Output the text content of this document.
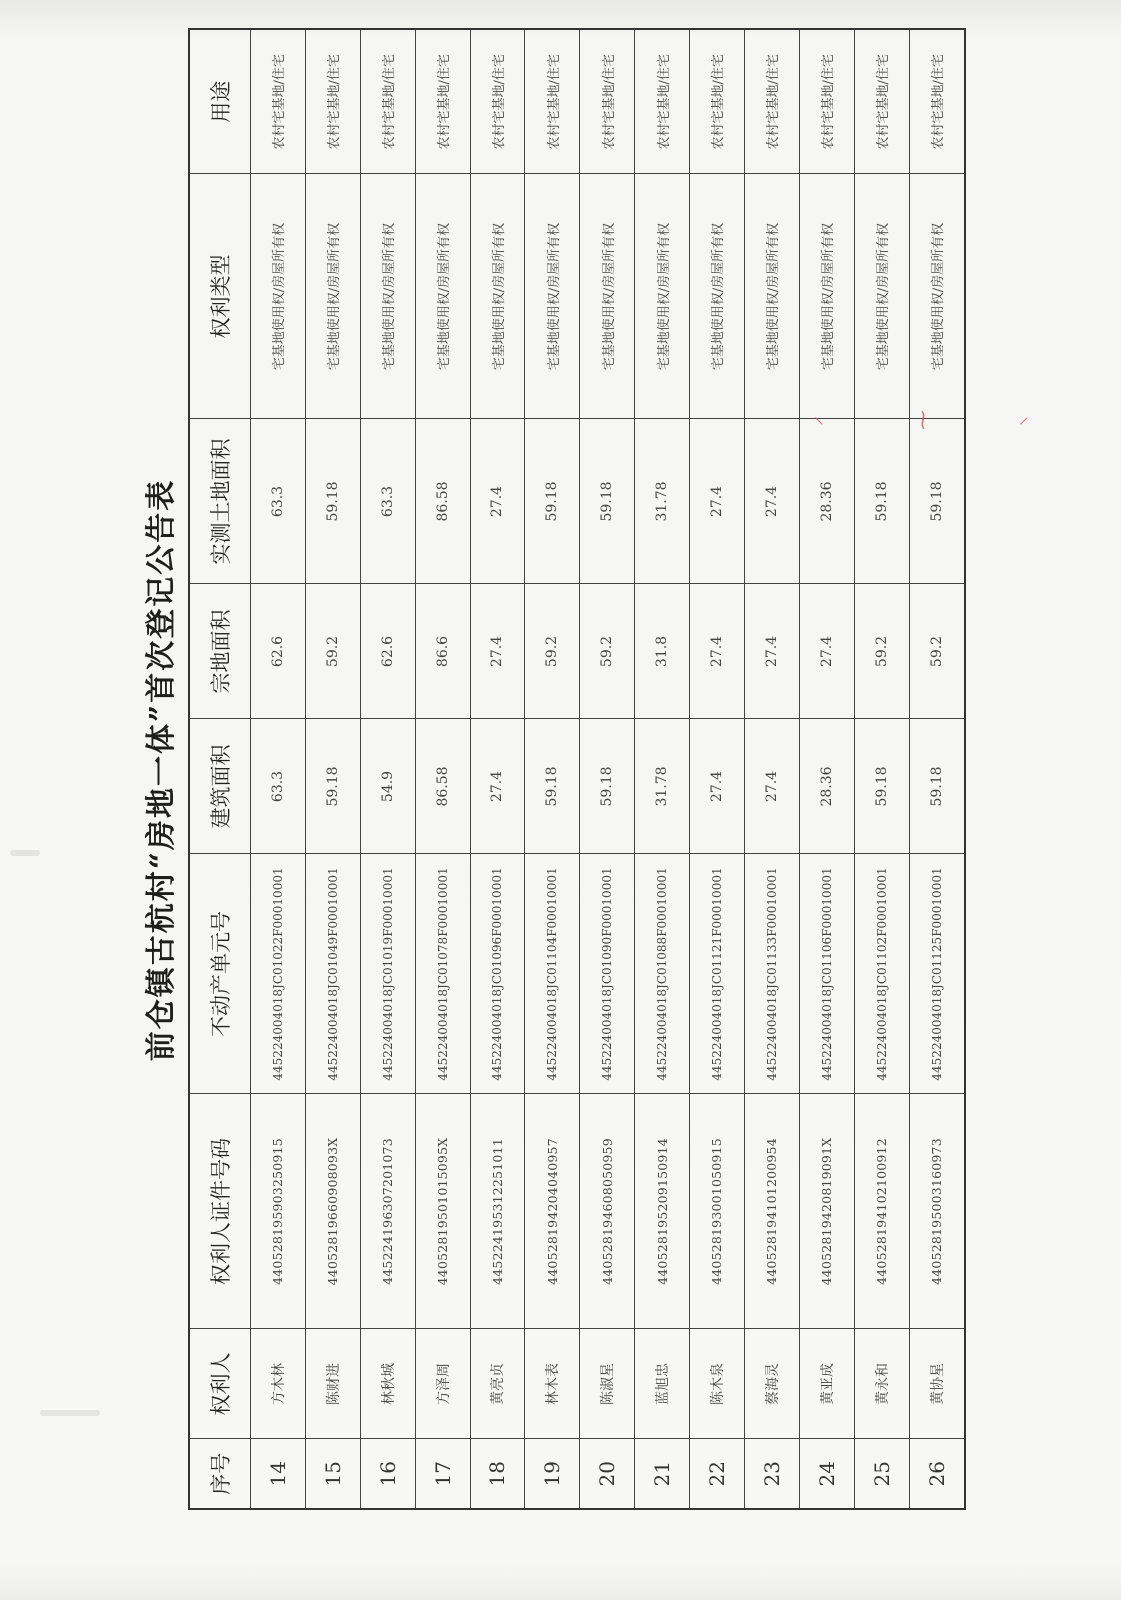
前仓镇古杭村“房地一体”首次登记公告表
序号	权利人	权利人证件号码	不动产单元号	建筑面积	宗地面积	实测土地面积	权利类型	用途
14	方木林	440528195903250915	445224004018JC01022F00010001	63.3	62.6	63.3	宅基地使用权/房屋所有权	农村宅基地/住宅
15	陈财进	44052819660908093X	445224004018JC01049F00010001	59.18	59.2	59.18	宅基地使用权/房屋所有权	农村宅基地/住宅
16	林秋城	445224196307201073	445224004018JC01019F00010001	54.9	62.6	63.3	宅基地使用权/房屋所有权	农村宅基地/住宅
17	方泽周	44052819501015095X	445224004018JC01078F00010001	86.58	86.6	86.58	宅基地使用权/房屋所有权	农村宅基地/住宅
18	黄亮贞	445224195312251011	445224004018JC01096F00010001	27.4	27.4	27.4	宅基地使用权/房屋所有权	农村宅基地/住宅
19	林木表	440528194204040957	445224004018JC01104F00010001	59.18	59.2	59.18	宅基地使用权/房屋所有权	农村宅基地/住宅
20	陈淑星	440528194608050959	445224004018JC01090F00010001	59.18	59.2	59.18	宅基地使用权/房屋所有权	农村宅基地/住宅
21	蓝旭忠	440528195209150914	445224004018JC01088F00010001	31.78	31.8	31.78	宅基地使用权/房屋所有权	农村宅基地/住宅
22	陈木泉	440528193001050915	445224004018JC01121F00010001	27.4	27.4	27.4	宅基地使用权/房屋所有权	农村宅基地/住宅
23	蔡海灵	440528194101200954	445224004018JC01133F00010001	27.4	27.4	27.4	宅基地使用权/房屋所有权	农村宅基地/住宅
24	黄亚成	44052819420819091X	445224004018JC01106F00010001	28.36	27.4	28.36	宅基地使用权/房屋所有权	农村宅基地/住宅
25	黄永和	440528194102100912	445224004018JC01102F00010001	59.18	59.2	59.18	宅基地使用权/房屋所有权	农村宅基地/住宅
26	黄协星	440528195003160973	445224004018JC01125F00010001	59.18	59.2	59.18	宅基地使用权/房屋所有权	农村宅基地/住宅
⸝	⁓	⸜
